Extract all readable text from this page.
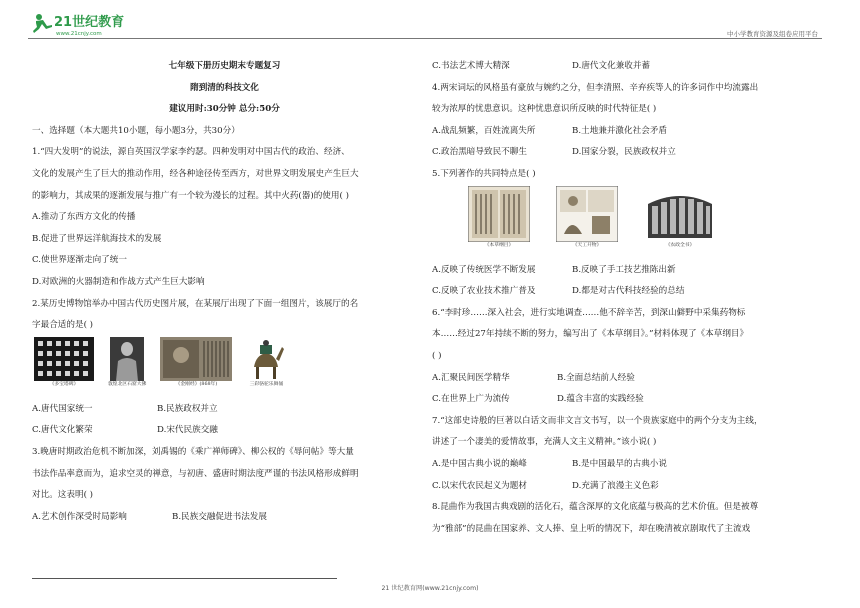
21世纪教育
www.21cnjy.com	中小学教育资源及组卷应用平台
七年级下册历史期末专题复习
隋到清的科技文化
建议用时:30分钟 总分:50分
一、选择题（本大题共10小题，每小题3分，共30分）
1.“四大发明”的说法，源自英国汉学家李约瑟。四种发明对中国古代的政治、经济、
文化的发展产生了巨大的推动作用，经各种途径传至西方，对世界文明发展史产生巨大
的影响力，其成果的逐渐发展与推广有一个较为漫长的过程。其中火药(器)的使用( )
A.推动了东西方文化的传播
B.促进了世界远洋航海技术的发展
C.使世界逐渐走向了统一
D.对欧洲的火器制造和作战方式产生巨大影响
2.某历史博物馆举办中国古代历史图片展，在某展厅出现了下面一组图片，该展厅的名
字最合适的是( )
《多宝塔碑》	敦煌北区石窟大佛	《金刚经》(868年)	三彩骆驼乐舞俑
A.唐代国家统一	B.民族政权并立
C.唐代文化繁荣	D.宋代民族交融
3.晚唐时期政治危机不断加深，刘禹锡的《乘广禅师碑》、柳公权的《辱问帖》等大量
书法作品率意而为，追求空灵的禅意，与初唐、盛唐时期法度严谨的书法风格形成鲜明
对比。这表明( )
A.艺术创作深受时局影响	B.民族交融促进书法发展
C.书法艺术博大精深	D.唐代文化兼收并蓄
4.两宋词坛的风格虽有豪放与婉约之分，但李清照、辛弃疾等人的许多词作中均流露出
较为浓厚的忧患意识。这种忧患意识所反映的时代特征是( )
A.战乱频繁，百姓流离失所	B.土地兼并激化社会矛盾
C.政治黑暗导致民不聊生	D.国家分裂，民族政权并立
5.下列著作的共同特点是( )
《本草纲目》	《天工开物》	《农政全书》
A.反映了传统医学不断发展	B.反映了手工技艺推陈出新
C.反映了农业技术推广普及	D.都是对古代科技经验的总结
6.“李时珍……深入社会，进行实地调查……他不辞辛苦，到深山僻野中采集药物标
本……经过27年持续不断的努力，编写出了《本草纲目》。”材料体现了《本草纲目》
( )
A.汇聚民间医学精华	B.全面总结前人经验
C.在世界上广为流传	D.蕴含丰富的实践经验
7.“这部史诗般的巨著以白话文而非文言文书写，以一个贵族家庭中的两个分支为主线，
讲述了一个凄美的爱情故事，充满人文主义精神。”该小说( )
A.是中国古典小说的巅峰	B.是中国最早的古典小说
C.以宋代农民起义为题材	D.充满了浪漫主义色彩
8.昆曲作为我国古典戏剧的活化石，蕴含深厚的文化底蕴与极高的艺术价值。但是被尊
为“雅部”的昆曲在国家养、文人捧、皇上听的情况下，却在晚清被京剧取代了主流戏
21 世纪教育网(www.21cnjy.com)
